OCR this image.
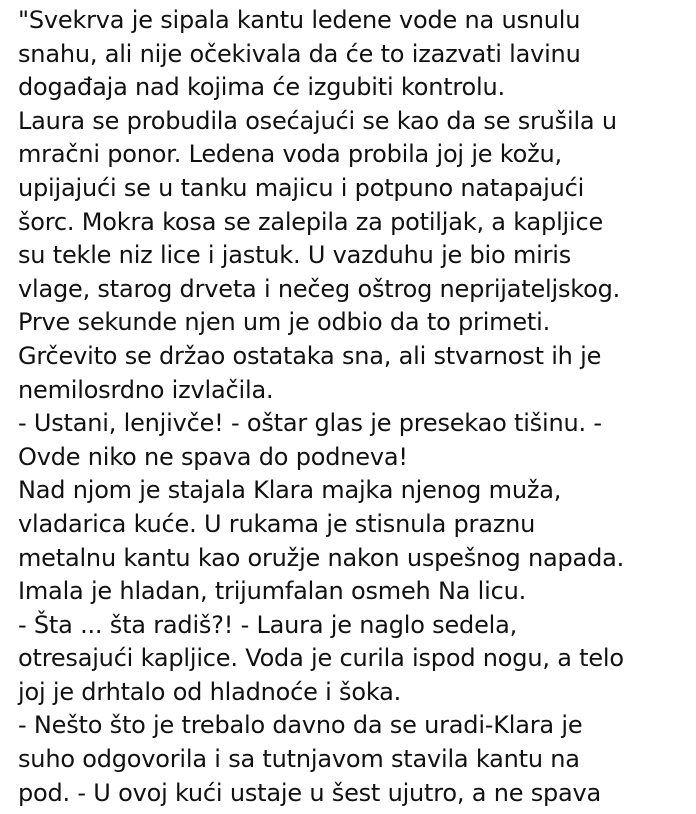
"Svekrva je sipala kantu ledene vode na usnulu
snahu, ali nije očekivala da će to izazvati lavinu
događaja nad kojima će izgubiti kontrolu.
Laura se probudila osećajući se kao da se srušila u
mračni ponor. Ledena voda probila joj je kožu,
upijajući se u tanku majicu i potpuno natapajući
šorc. Mokra kosa se zalepila za potiljak, a kapljice
su tekle niz lice i jastuk. U vazduhu je bio miris
vlage, starog drveta i nečeg oštrog neprijateljskog.
Prve sekunde njen um je odbio da to primeti.
Grčevito se držao ostataka sna, ali stvarnost ih je
nemilosrdno izvlačila.
- Ustani, lenjivče! - oštar glas je presekao tišinu. -
Ovde niko ne spava do podneva!
Nad njom je stajala Klara majka njenog muža,
vladarica kuće. U rukama je stisnula praznu
metalnu kantu kao oružje nakon uspešnog napada.
Imala je hladan, trijumfalan osmeh Na licu.
- Šta ... šta radiš?! - Laura je naglo sedela,
otresajući kapljice. Voda je curila ispod nogu, a telo
joj je drhtalo od hladnoće i šoka.
- Nešto što je trebalo davno da se uradi-Klara je
suho odgovorila i sa tutnjavom stavila kantu na
pod. - U ovoj kući ustaje u šest ujutro, a ne spava
